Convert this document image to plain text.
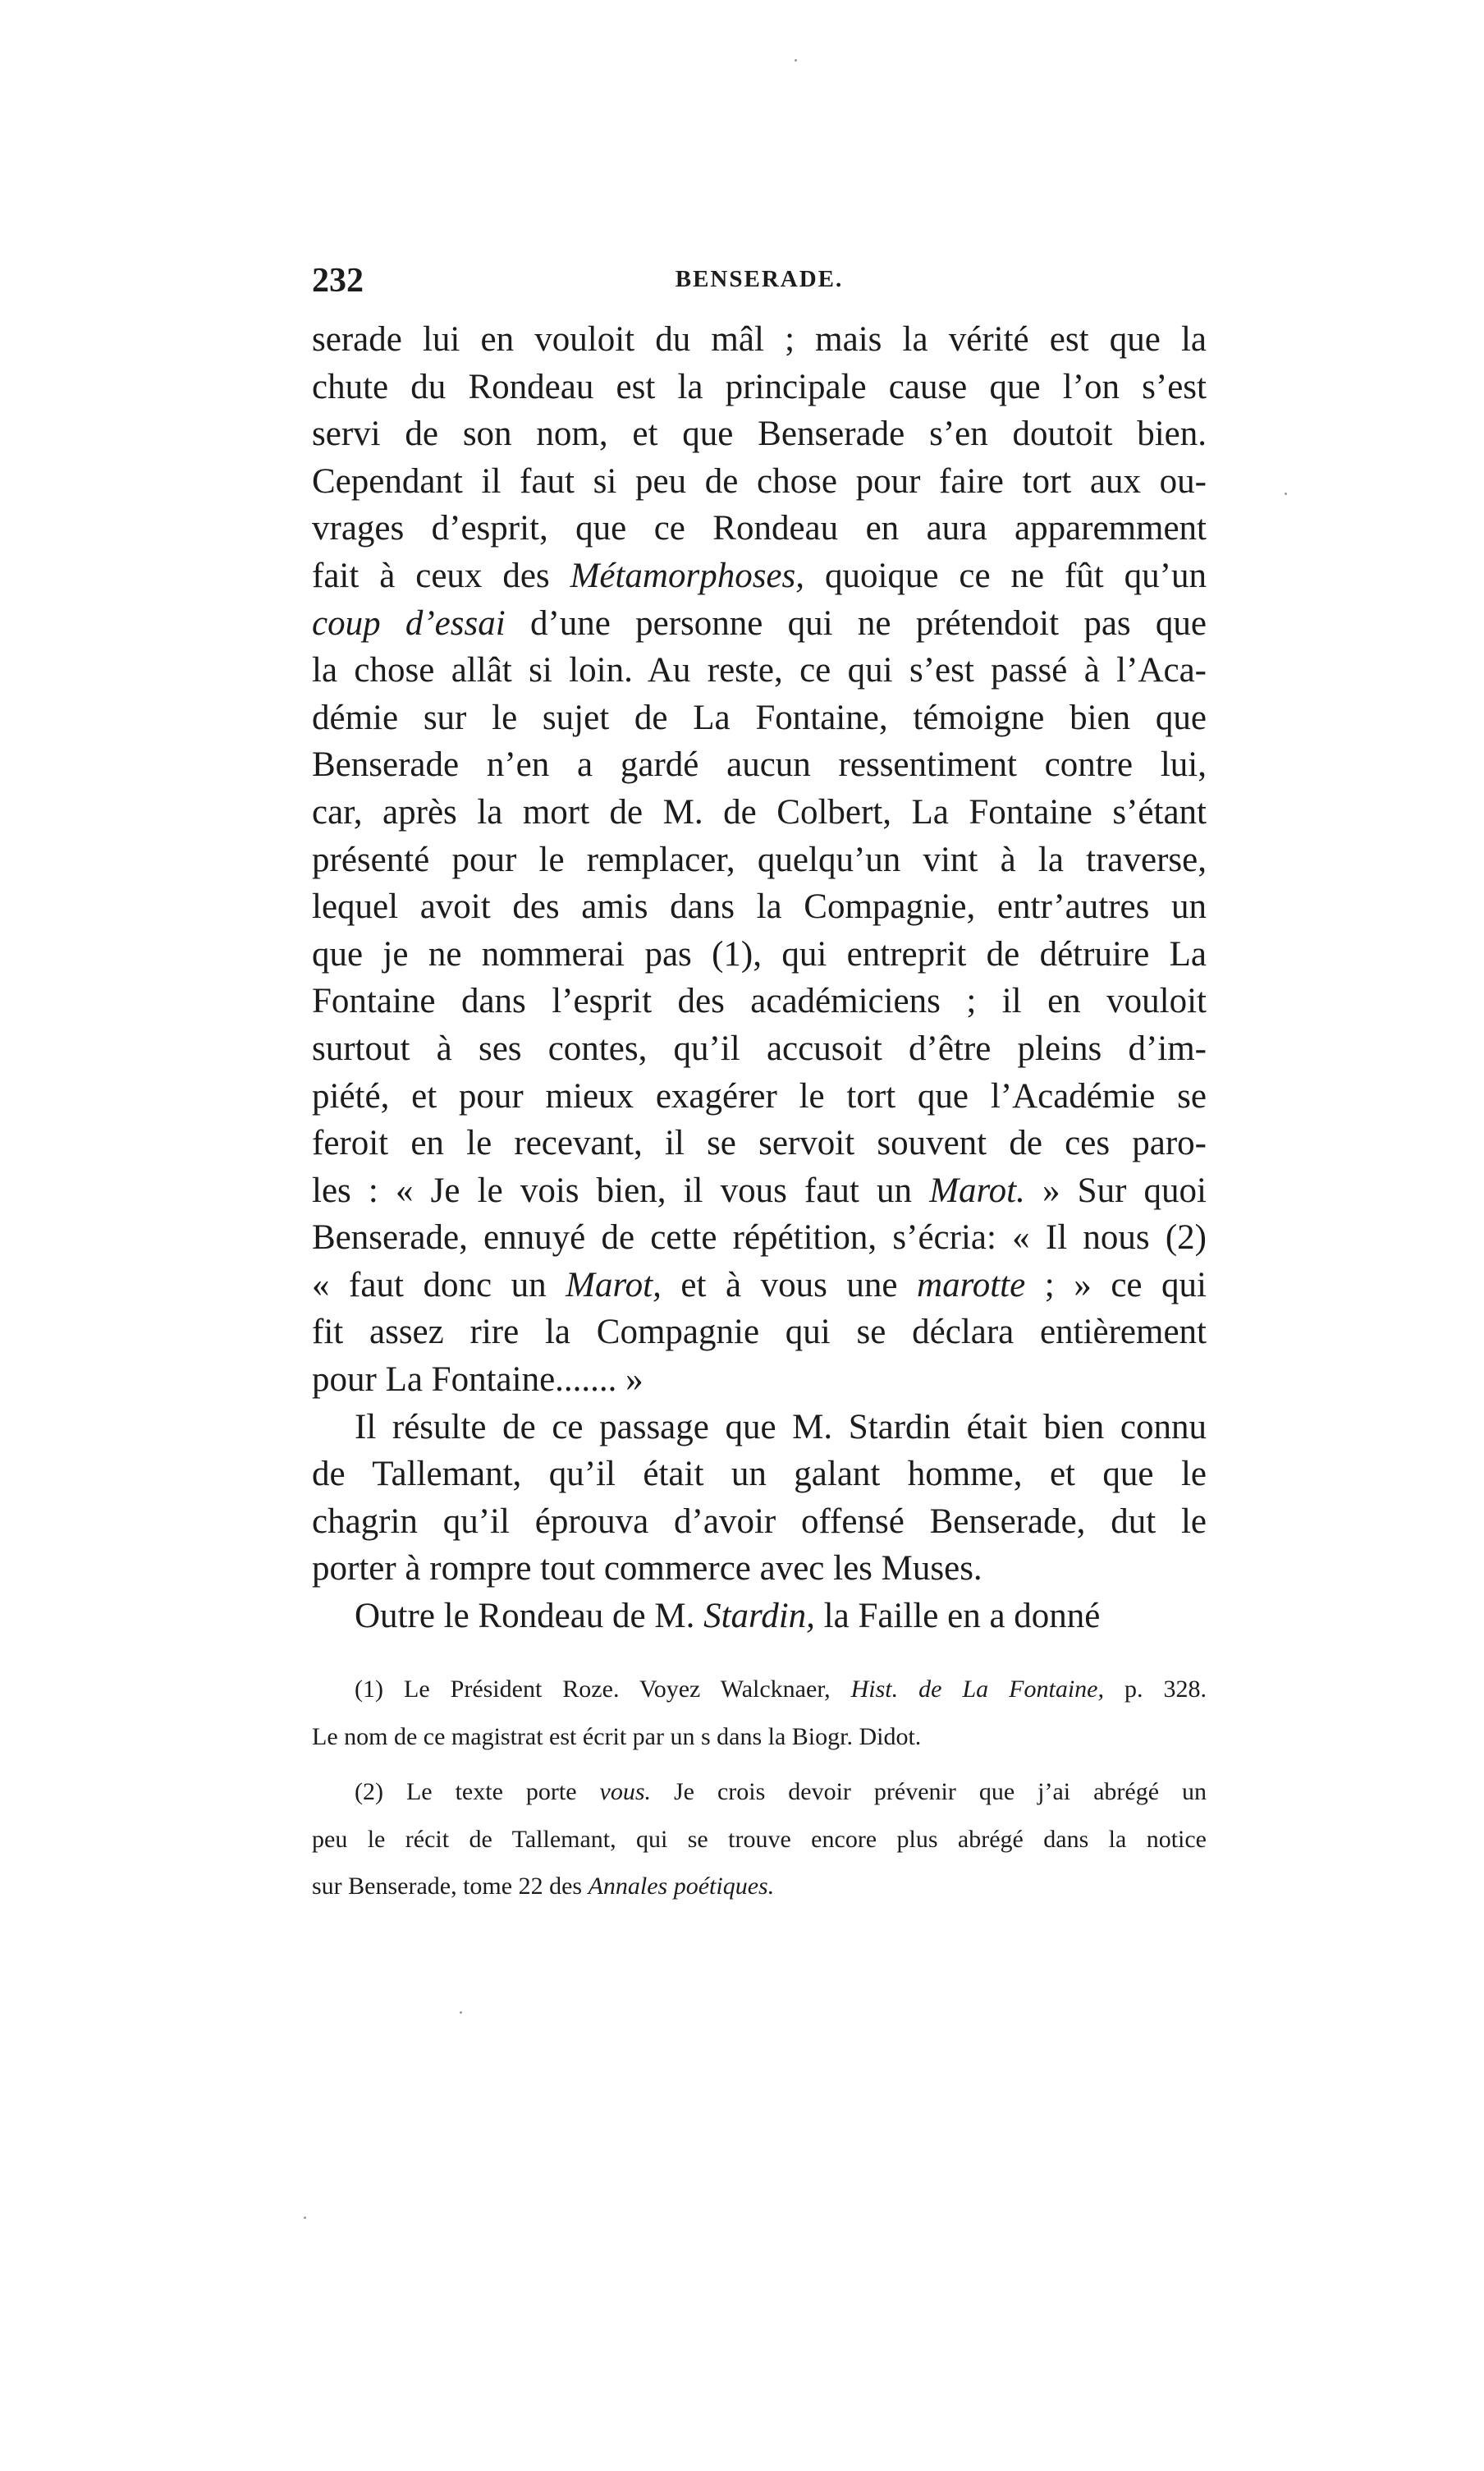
232	BENSERADE.
serade lui en vouloit du mâl ; mais la vérité est que la
chute du Rondeau est la principale cause que l’on s’est
servi de son nom, et que Benserade s’en doutoit bien.
Cependant il faut si peu de chose pour faire tort aux ou-
vrages d’esprit, que ce Rondeau en aura apparemment
fait à ceux des Métamorphoses, quoique ce ne fût qu’un
coup d’essai d’une personne qui ne prétendoit pas que
la chose allât si loin. Au reste, ce qui s’est passé à l’Aca-
démie sur le sujet de La Fontaine, témoigne bien que
Benserade n’en a gardé aucun ressentiment contre lui,
car, après la mort de M. de Colbert, La Fontaine s’étant
présenté pour le remplacer, quelqu’un vint à la traverse,
lequel avoit des amis dans la Compagnie, entr’autres un
que je ne nommerai pas (1), qui entreprit de détruire La
Fontaine dans l’esprit des académiciens ; il en vouloit
surtout à ses contes, qu’il accusoit d’être pleins d’im-
piété, et pour mieux exagérer le tort que l’Académie se
feroit en le recevant, il se servoit souvent de ces paro-
les : « Je le vois bien, il vous faut un Marot. » Sur quoi
Benserade, ennuyé de cette répétition, s’écria: « Il nous (2)
« faut donc un Marot, et à vous une marotte ; » ce qui
fit assez rire la Compagnie qui se déclara entièrement
pour La Fontaine....... »
Il résulte de ce passage que M. Stardin était bien connu
de Tallemant, qu’il était un galant homme, et que le
chagrin qu’il éprouva d’avoir offensé Benserade, dut le
porter à rompre tout commerce avec les Muses.
Outre le Rondeau de M. Stardin, la Faille en a donné
(1) Le Président Roze. Voyez Walcknaer, Hist. de La Fontaine, p. 328.
Le nom de ce magistrat est écrit par un s dans la Biogr. Didot.
(2) Le texte porte vous. Je crois devoir prévenir que j’ai abrégé un
peu le récit de Tallemant, qui se trouve encore plus abrégé dans la notice
sur Benserade, tome 22 des Annales poétiques.
